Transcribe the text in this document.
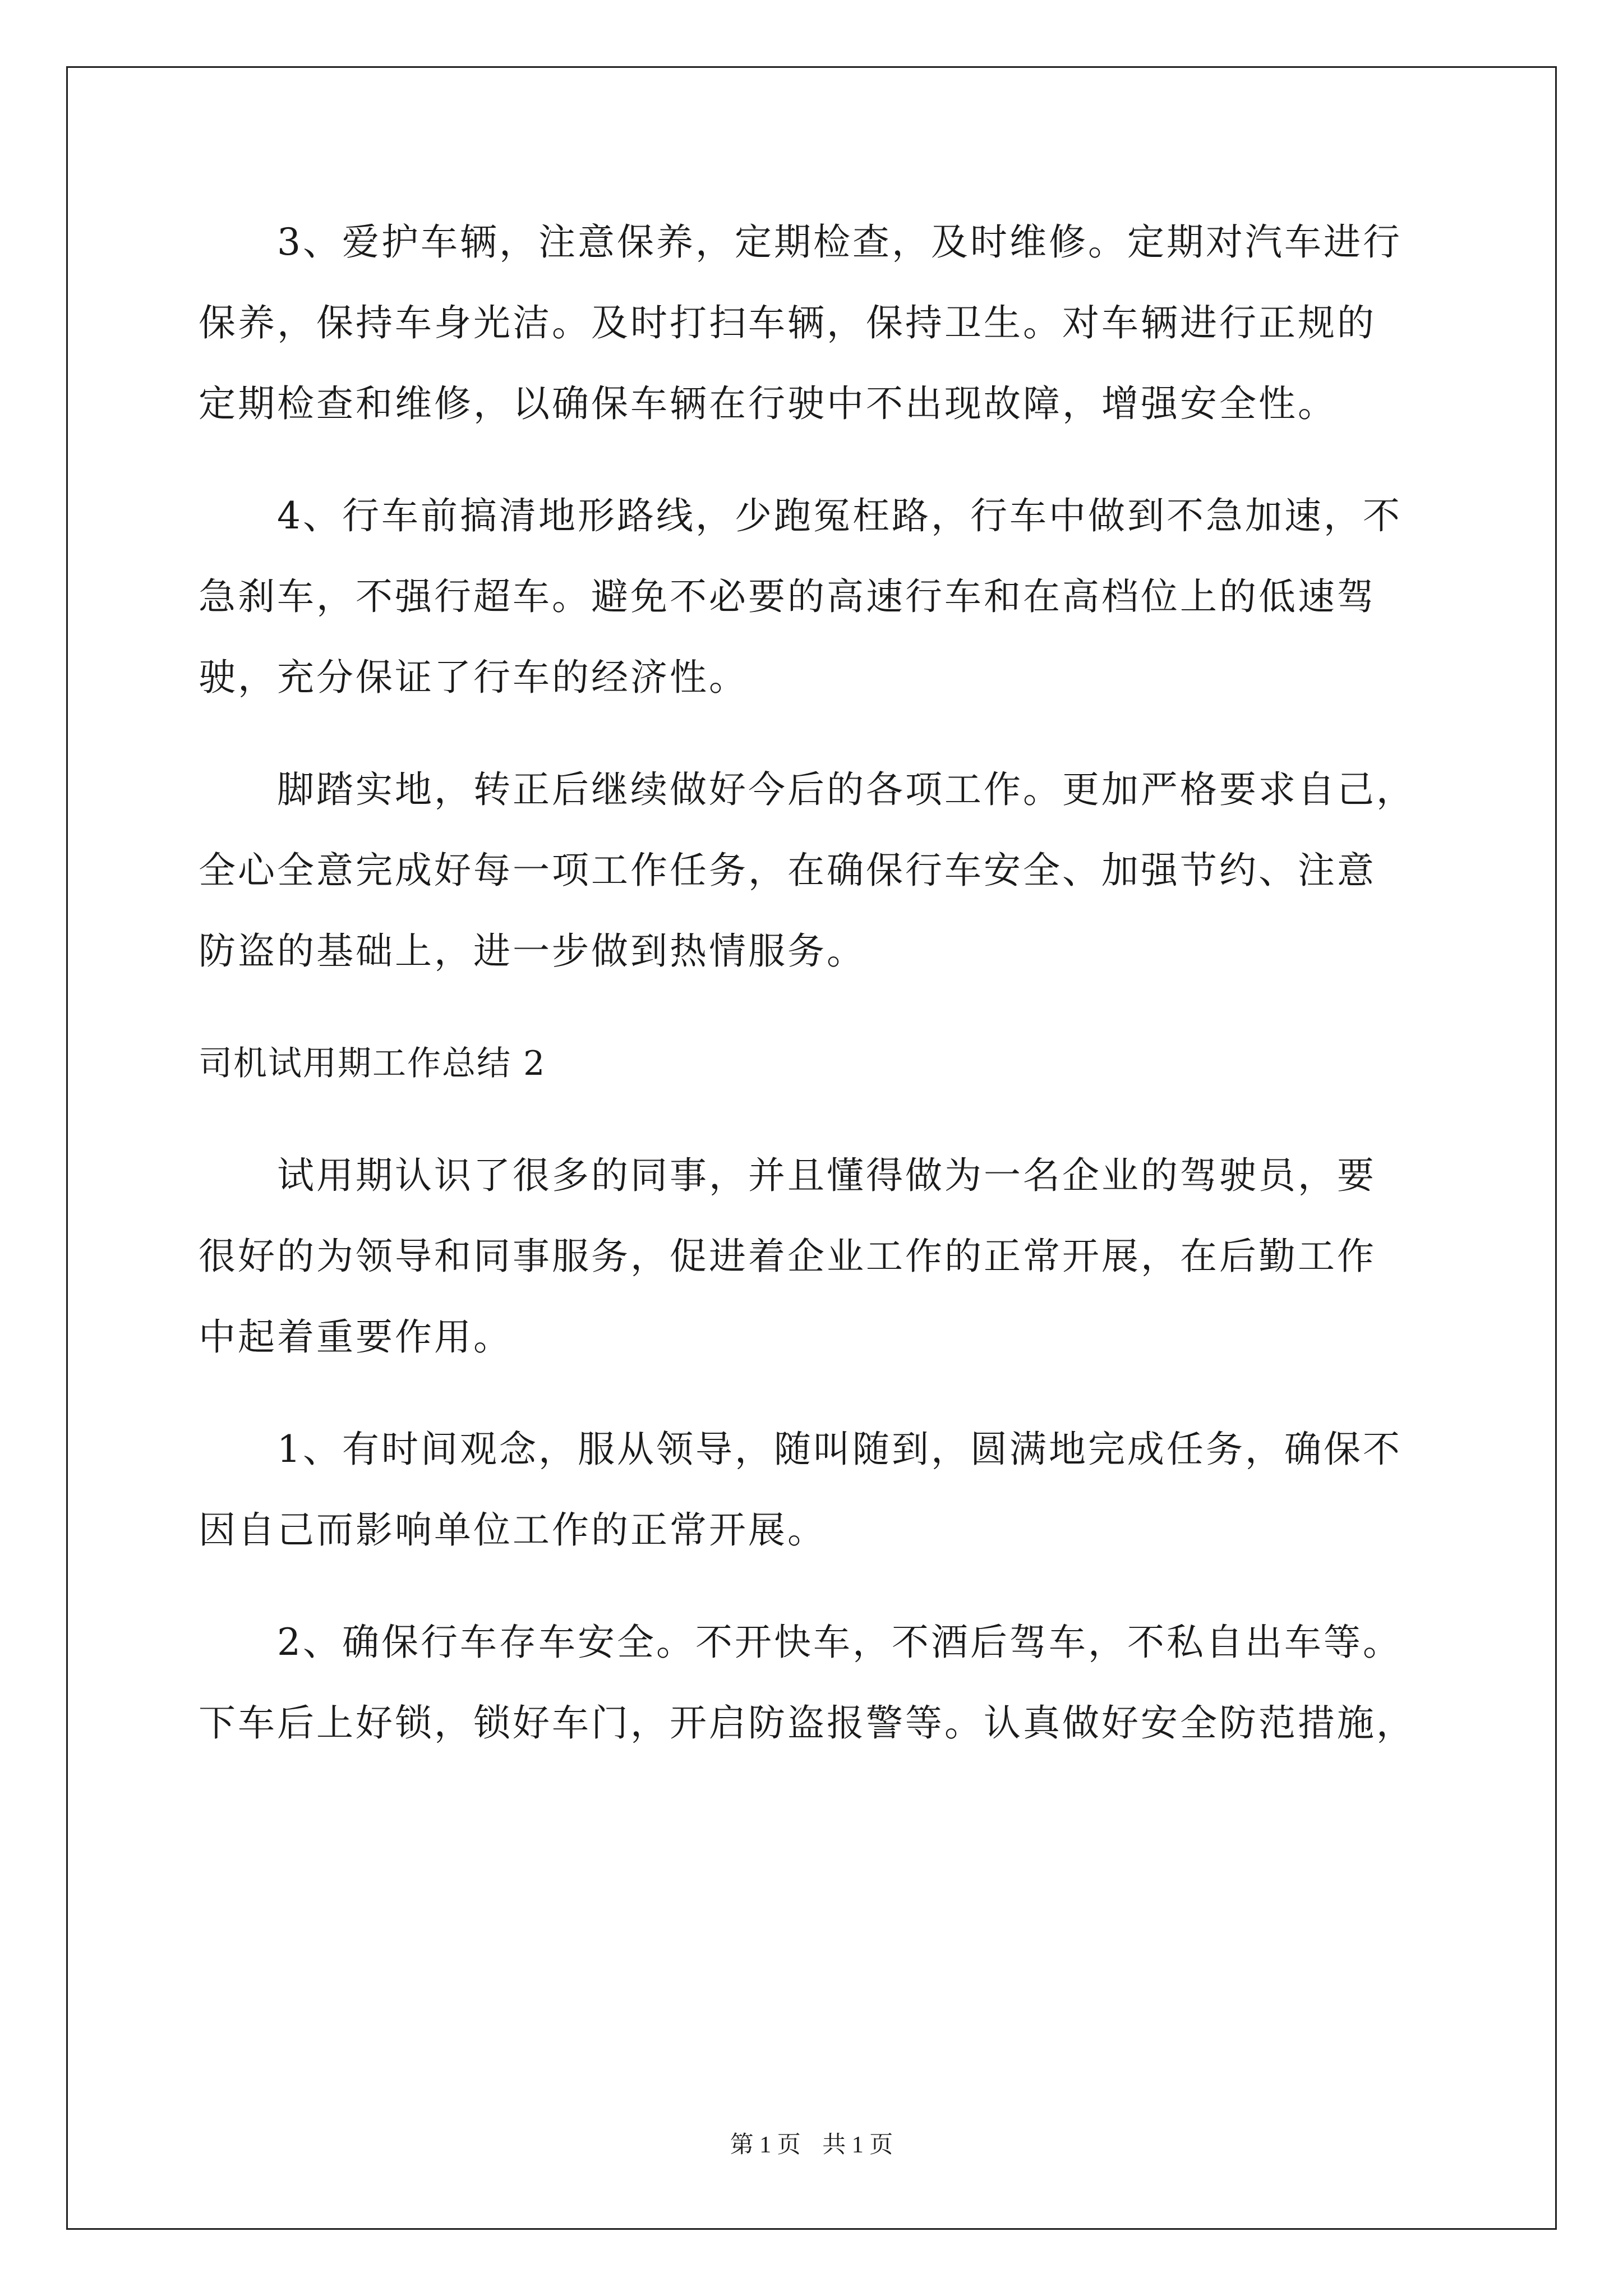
3、爱护车辆，注意保养，定期检查，及时维修。定期对汽车进行
保养，保持车身光洁。及时打扫车辆，保持卫生。对车辆进行正规的
定期检查和维修，以确保车辆在行驶中不出现故障，增强安全性。
4、行车前搞清地形路线，少跑冤枉路，行车中做到不急加速，不
急刹车，不强行超车。避免不必要的高速行车和在高档位上的低速驾
驶，充分保证了行车的经济性。
脚踏实地，转正后继续做好今后的各项工作。更加严格要求自己，
全心全意完成好每一项工作任务，在确保行车安全、加强节约、注意
防盗的基础上，进一步做到热情服务。
司机试用期工作总结 2
试用期认识了很多的同事，并且懂得做为一名企业的驾驶员，要
很好的为领导和同事服务，促进着企业工作的正常开展，在后勤工作
中起着重要作用。
1、有时间观念，服从领导，随叫随到，圆满地完成任务，确保不
因自己而影响单位工作的正常开展。
2、确保行车存车安全。不开快车，不酒后驾车，不私自出车等。
下车后上好锁，锁好车门，开启防盗报警等。认真做好安全防范措施，
第 1 页 共 1 页
